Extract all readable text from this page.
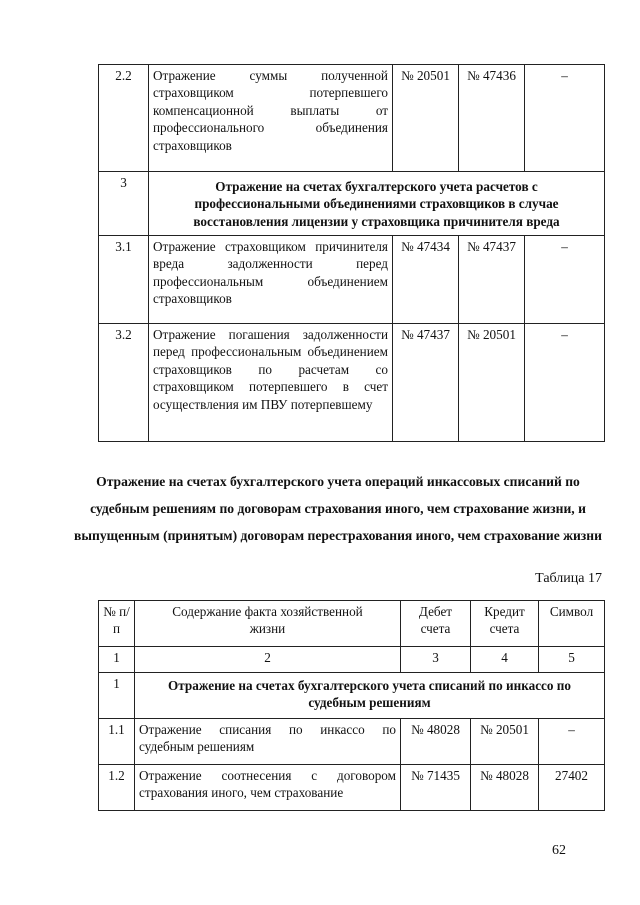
2.2	Отражение суммы полученной страховщиком потерпевшего компенсационной выплаты от профессионального объединения страховщиков	№ 20501	№ 47436	–
3	Отражение на счетах бухгалтерского учета расчетов с профессиональными объединениями страховщиков в случае восстановления лицензии у страховщика причинителя вреда			
3.1	Отражение страховщиком причинителя вреда задолженности перед профессиональным объединением страховщиков	№ 47434	№ 47437	–
3.2	Отражение погашения задолженности перед профессиональным объединением страховщиков по расчетам со страховщиком потерпевшего в счет осуществления им ПВУ потерпевшему	№ 47437	№ 20501	–
Отражение на счетах бухгалтерского учета операций инкассовых списаний по судебным решениям по договорам страхования иного, чем страхование жизни, и выпущенным (принятым) договорам перестрахования иного, чем страхование жизни
Таблица 17
№ п/п	Содержание факта хозяйственной жизни	Дебет счета	Кредит счета	Символ
1	2	3	4	5
1	Отражение на счетах бухгалтерского учета списаний по инкассо по судебным решениям			
1.1	Отражение списания по инкассо по судебным решениям	№ 48028	№ 20501	–
1.2	Отражение соотнесения с договором страхования иного, чем страхование	№ 71435	№ 48028	27402
62
